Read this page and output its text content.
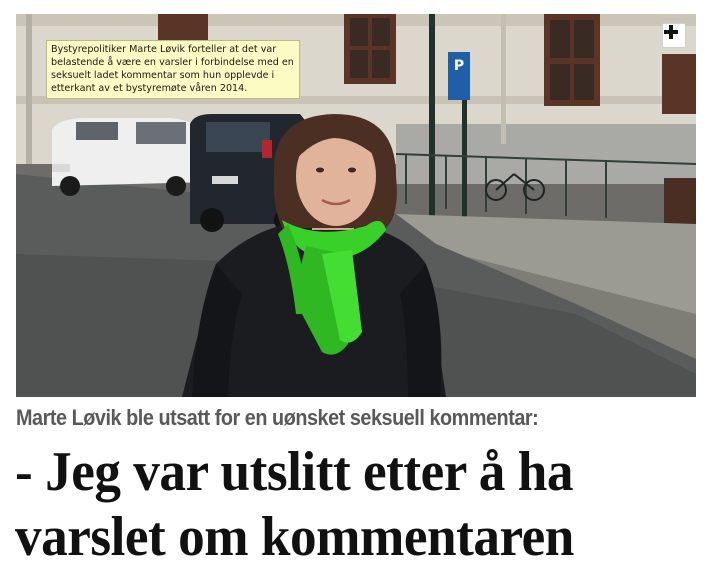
P
Bystyrepolitiker Marte Løvik forteller at det var belastende å være en varsler i forbindelse med en seksuelt ladet kommentar som hun opplevde i etterkant av et bystyremøte våren 2014.
Marte Løvik ble utsatt for en uønsket seksuell kommentar:
- Jeg var utslitt etter å ha
varslet om kommentaren
